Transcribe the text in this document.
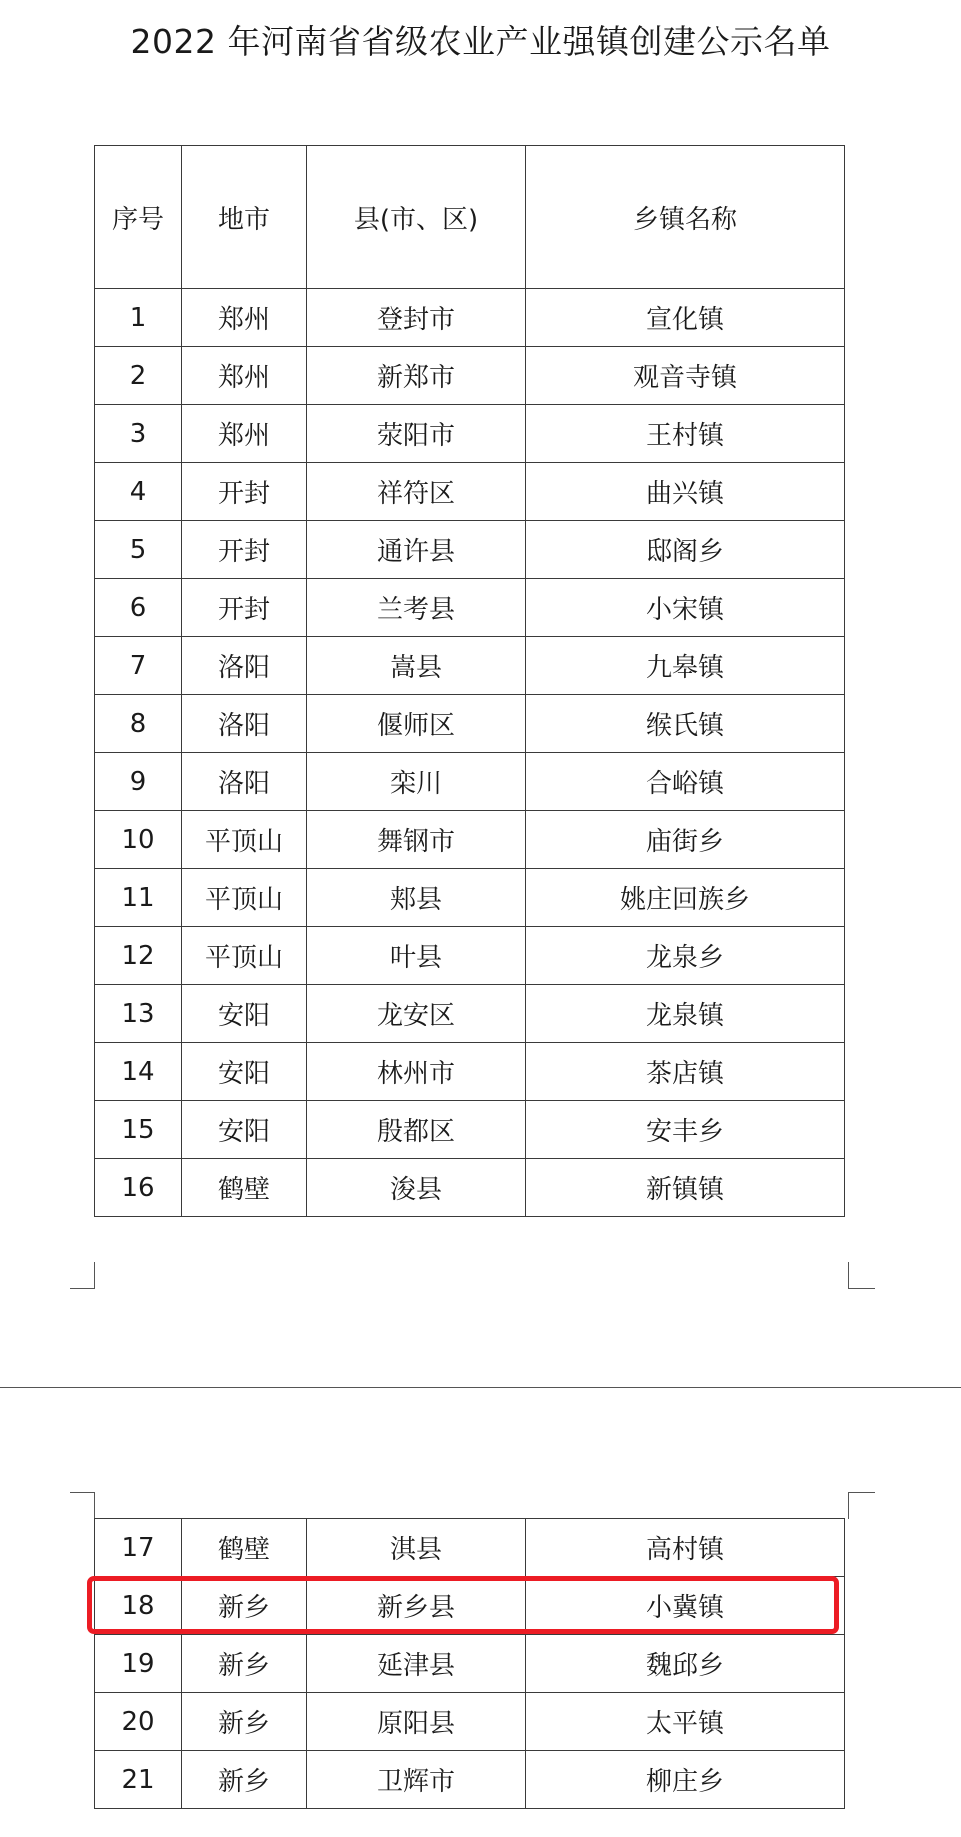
2022 年河南省省级农业产业强镇创建公示名单
序号	地市	县(市、区)	乡镇名称
1	郑州	登封市	宣化镇
2	郑州	新郑市	观音寺镇
3	郑州	荥阳市	王村镇
4	开封	祥符区	曲兴镇
5	开封	通许县	邸阁乡
6	开封	兰考县	小宋镇
7	洛阳	嵩县	九皋镇
8	洛阳	偃师区	缑氏镇
9	洛阳	栾川	合峪镇
10	平顶山	舞钢市	庙街乡
11	平顶山	郏县	姚庄回族乡
12	平顶山	叶县	龙泉乡
13	安阳	龙安区	龙泉镇
14	安阳	林州市	茶店镇
15	安阳	殷都区	安丰乡
16	鹤壁	浚县	新镇镇
17	鹤壁	淇县	高村镇
18	新乡	新乡县	小冀镇
19	新乡	延津县	魏邱乡
20	新乡	原阳县	太平镇
21	新乡	卫辉市	柳庄乡
